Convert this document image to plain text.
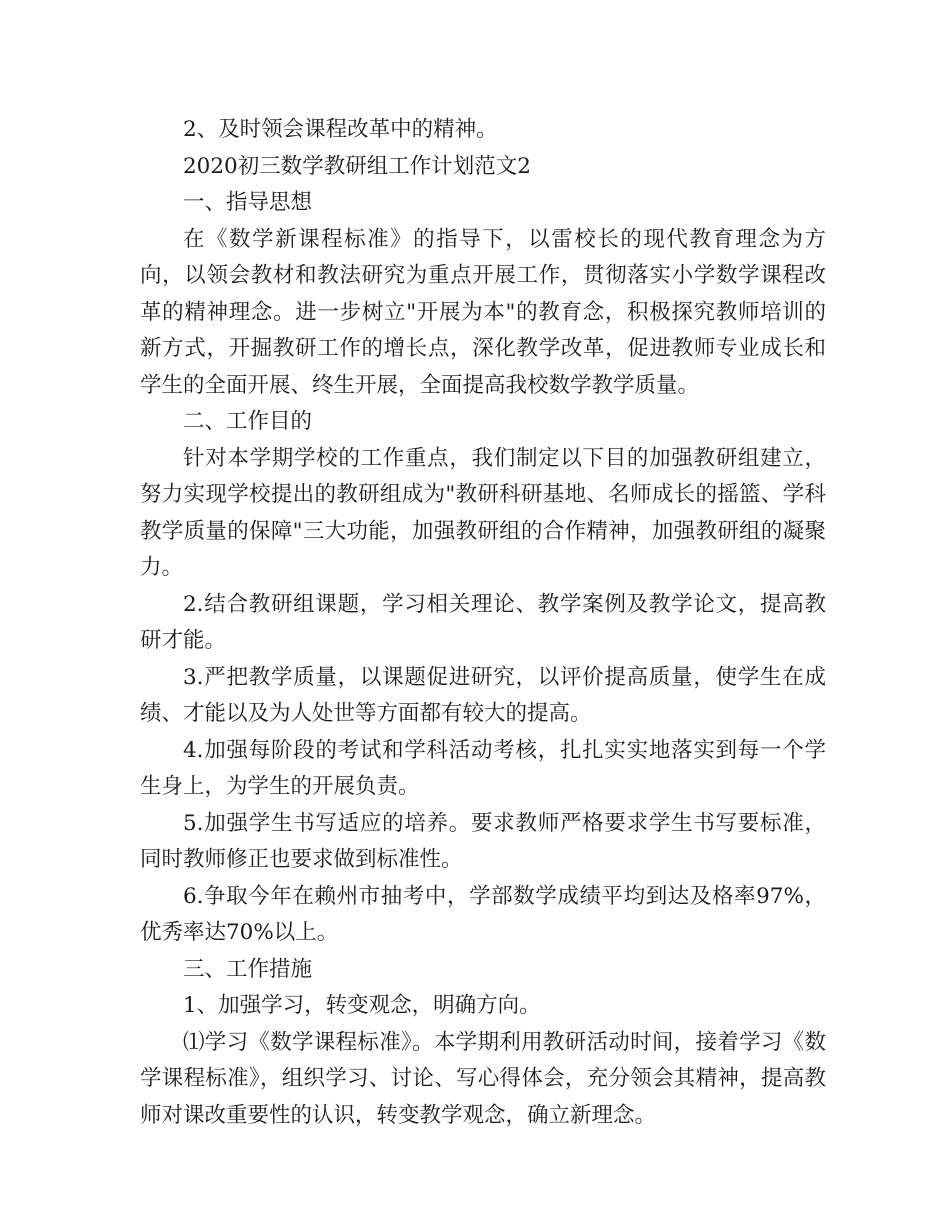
2、及时领会课程改革中的精神。

2020初三数学教研组工作计划范文2

一、指导思想

在《数学新课程标准》的指导下，以雷校长的现代教育理念为方向，以领会教材和教法研究为重点开展工作，贯彻落实小学数学课程改革的精神理念。进一步树立"开展为本"的教育念，积极探究教师培训的新方式，开掘教研工作的增长点，深化教学改革，促进教师专业成长和学生的全面开展、终生开展，全面提高我校数学教学质量。

二、工作目的

针对本学期学校的工作重点，我们制定以下目的加强教研组建立，努力实现学校提出的教研组成为"教研科研基地、名师成长的摇篮、学科教学质量的保障"三大功能，加强教研组的合作精神，加强教研组的凝聚力。

2.结合教研组课题，学习相关理论、教学案例及教学论文，提高教研才能。

3.严把教学质量，以课题促进研究，以评价提高质量，使学生在成绩、才能以及为人处世等方面都有较大的提高。

4.加强每阶段的考试和学科活动考核，扎扎实实地落实到每一个学生身上，为学生的开展负责。

5.加强学生书写适应的培养。要求教师严格要求学生书写要标准，同时教师修正也要求做到标准性。

6.争取今年在赖州市抽考中，学部数学成绩平均到达及格率97%，优秀率达70%以上。

三、工作措施

1、加强学习，转变观念，明确方向。

⑴学习《数学课程标准》。本学期利用教研活动时间，接着学习《数学课程标准》，组织学习、讨论、写心得体会，充分领会其精神，提高教师对课改重要性的认识，转变教学观念，确立新理念。
